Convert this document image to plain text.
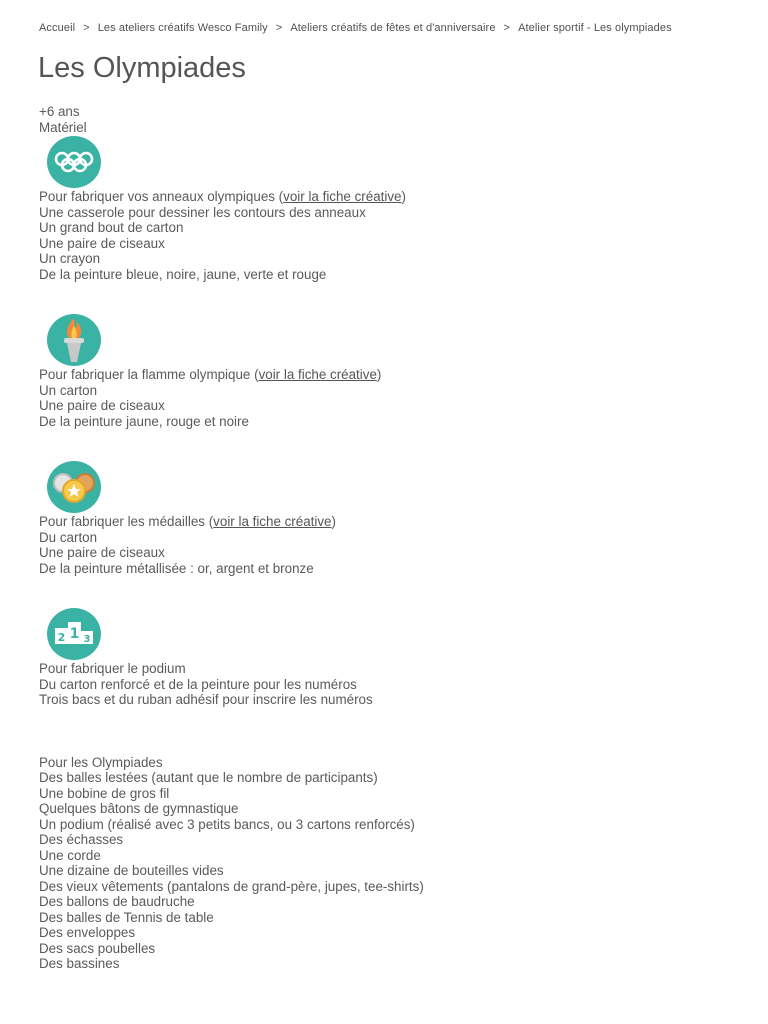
Accueil > Les ateliers créatifs Wesco Family > Ateliers créatifs de fêtes et d'anniversaire > Atelier sportif - Les olympiades
Les Olympiades
+6 ans
Matériel
Pour fabriquer vos anneaux olympiques (voir la fiche créative)
Une casserole pour dessiner les contours des anneaux
Un grand bout de carton
Une paire de ciseaux
Un crayon
De la peinture bleue, noire, jaune, verte et rouge
Pour fabriquer la flamme olympique (voir la fiche créative)
Un carton
Une paire de ciseaux
De la peinture jaune, rouge et noire
Pour fabriquer les médailles (voir la fiche créative)
Du carton
Une paire de ciseaux
De la peinture métallisée : or, argent et bronze
2 1 3
Pour fabriquer le podium
Du carton renforcé et de la peinture pour les numéros
Trois bacs et du ruban adhésif pour inscrire les numéros
Pour les Olympiades
Des balles lestées (autant que le nombre de participants)
Une bobine de gros fil
Quelques bâtons de gymnastique
Un podium (réalisé avec 3 petits bancs, ou 3 cartons renforcés)
Des échasses
Une corde
Une dizaine de bouteilles vides
Des vieux vêtements (pantalons de grand-père, jupes, tee-shirts)
Des ballons de baudruche
Des balles de Tennis de table
Des enveloppes
Des sacs poubelles
Des bassines
